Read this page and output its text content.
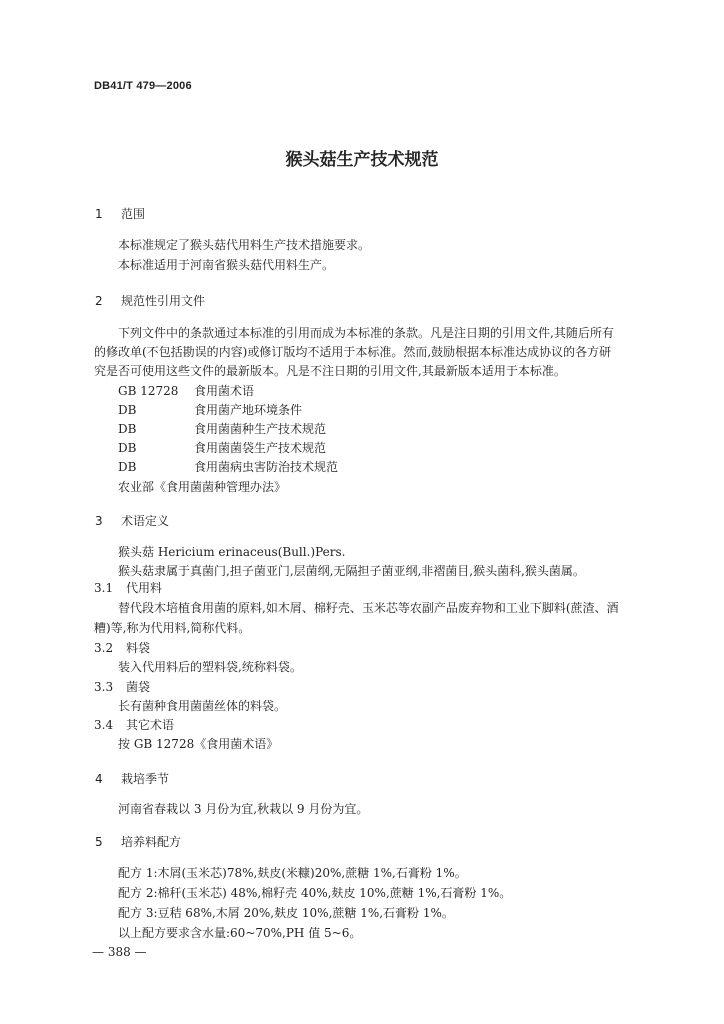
DB41/T 479—2006
猴头菇生产技术规范
1 范围
本标准规定了猴头菇代用料生产技术措施要求。
本标准适用于河南省猴头菇代用料生产。
2 规范性引用文件
下列文件中的条款通过本标准的引用而成为本标准的条款。凡是注日期的引用文件,其随后所有
的修改单(不包括勘误的内容)或修订版均不适用于本标准。然而,鼓励根据本标准达成协议的各方研
究是否可使用这些文件的最新版本。凡是不注日期的引用文件,其最新版本适用于本标准。
GB 12728 食用菌术语
DB	食用菌产地环境条件
DB	食用菌菌种生产技术规范
DB	食用菌菌袋生产技术规范
DB	食用菌病虫害防治技术规范
农业部《食用菌菌种管理办法》
3 术语定义
猴头菇 Hericium erinaceus(Bull.)Pers.
猴头菇隶属于真菌门,担子菌亚门,层菌纲,无隔担子菌亚纲,非褶菌目,猴头菌科,猴头菌属。
3.1 代用料
替代段木培植食用菌的原料,如木屑、棉籽壳、玉米芯等农副产品废弃物和工业下脚料(蔗渣、酒
糟)等,称为代用料,简称代料。
3.2 料袋
装入代用料后的塑料袋,统称料袋。
3.3 菌袋
长有菌种食用菌菌丝体的料袋。
3.4 其它术语
按 GB 12728《食用菌术语》
4 栽培季节
河南省春栽以 3 月份为宜,秋栽以 9 月份为宜。
5 培养料配方
配方 1:木屑(玉米芯)78%,麸皮(米糠)20%,蔗糖 1%,石膏粉 1%。
配方 2:棉秆(玉米芯) 48%,棉籽壳 40%,麸皮 10%,蔗糖 1%,石膏粉 1%。
配方 3:豆秸 68%,木屑 20%,麸皮 10%,蔗糖 1%,石膏粉 1%。
以上配方要求含水量:60~70%,PH 值 5~6。
— 388 —
